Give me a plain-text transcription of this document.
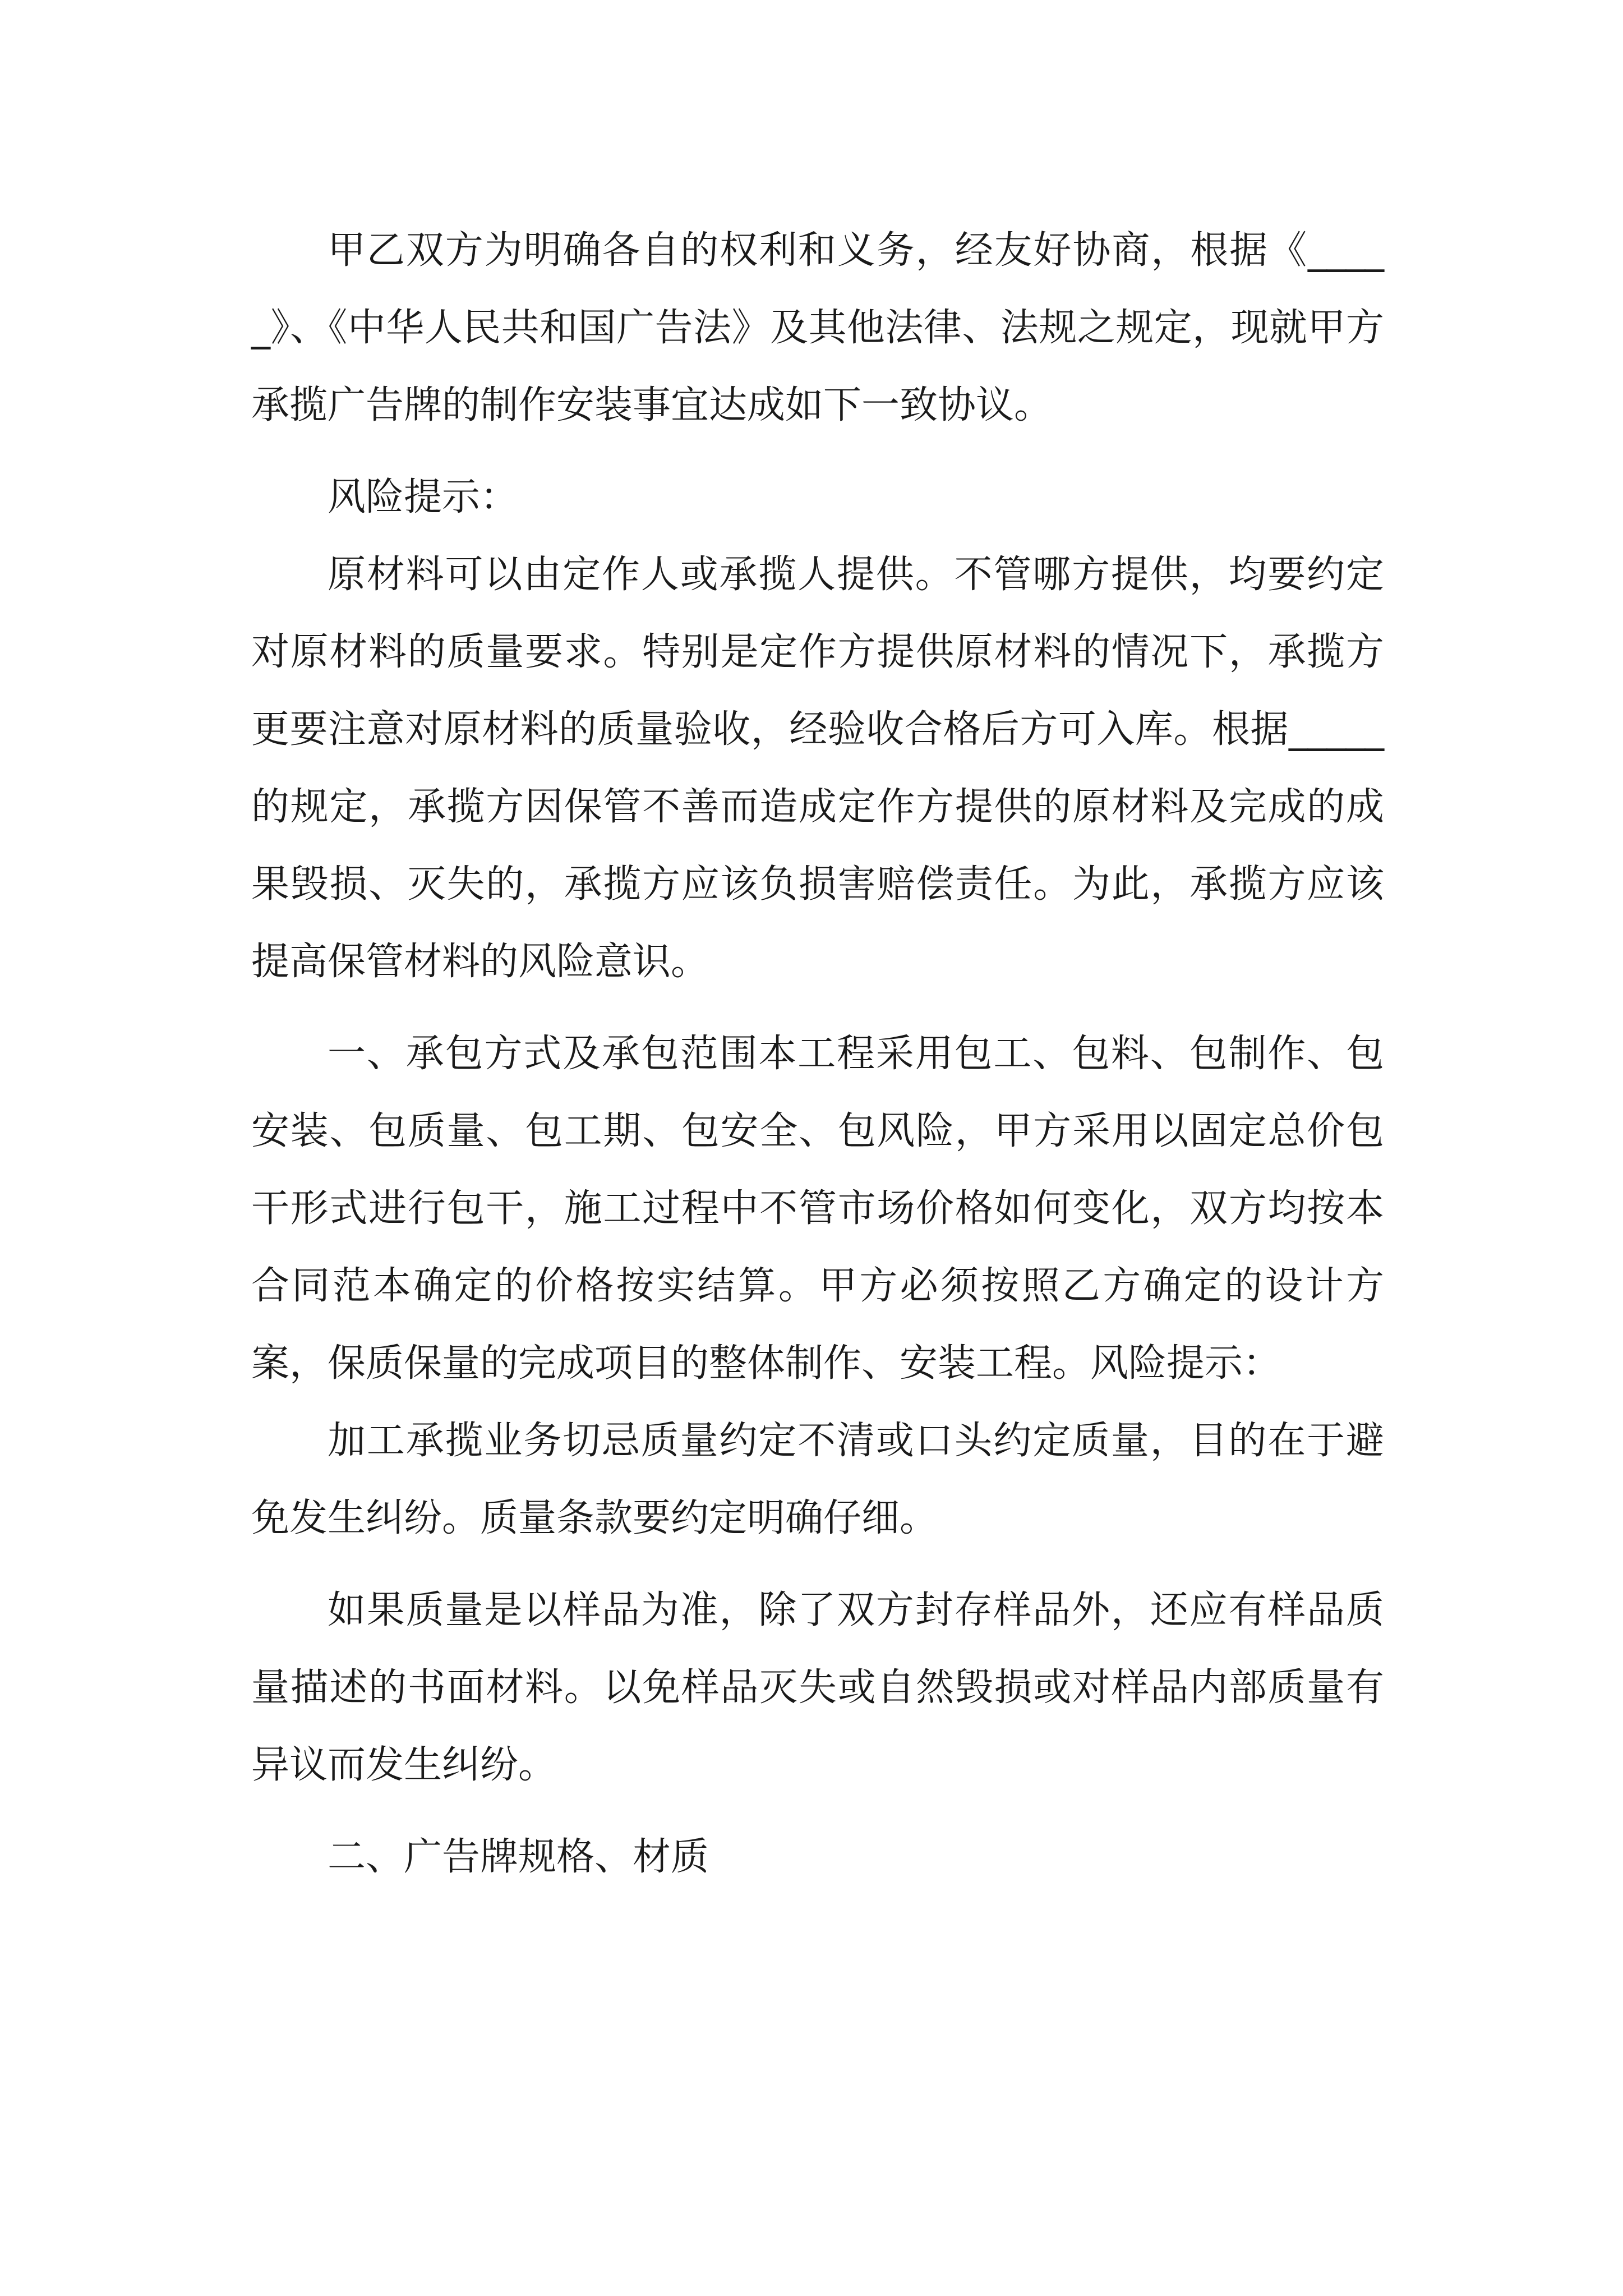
甲乙双方为明确各自的权利和义务，经友好协商，根据《_____》、《中华人民共和国广告法》及其他法律、法规之规定，现就甲方承揽广告牌的制作安装事宜达成如下一致协议。

风险提示：

原材料可以由定作人或承揽人提供。不管哪方提供，均要约定对原材料的质量要求。特别是定作方提供原材料的情况下，承揽方更要注意对原材料的质量验收，经验收合格后方可入库。根据_____的规定，承揽方因保管不善而造成定作方提供的原材料及完成的成果毁损、灭失的，承揽方应该负损害赔偿责任。为此，承揽方应该提高保管材料的风险意识。

一、承包方式及承包范围本工程采用包工、包料、包制作、包安装、包质量、包工期、包安全、包风险，甲方采用以固定总价包干形式进行包干，施工过程中不管市场价格如何变化，双方均按本合同范本确定的价格按实结算。甲方必须按照乙方确定的设计方案，保质保量的完成项目的整体制作、安装工程。风险提示：

加工承揽业务切忌质量约定不清或口头约定质量，目的在于避免发生纠纷。质量条款要约定明确仔细。

如果质量是以样品为准，除了双方封存样品外，还应有样品质量描述的书面材料。以免样品灭失或自然毁损或对样品内部质量有异议而发生纠纷。

二、广告牌规格、材质
